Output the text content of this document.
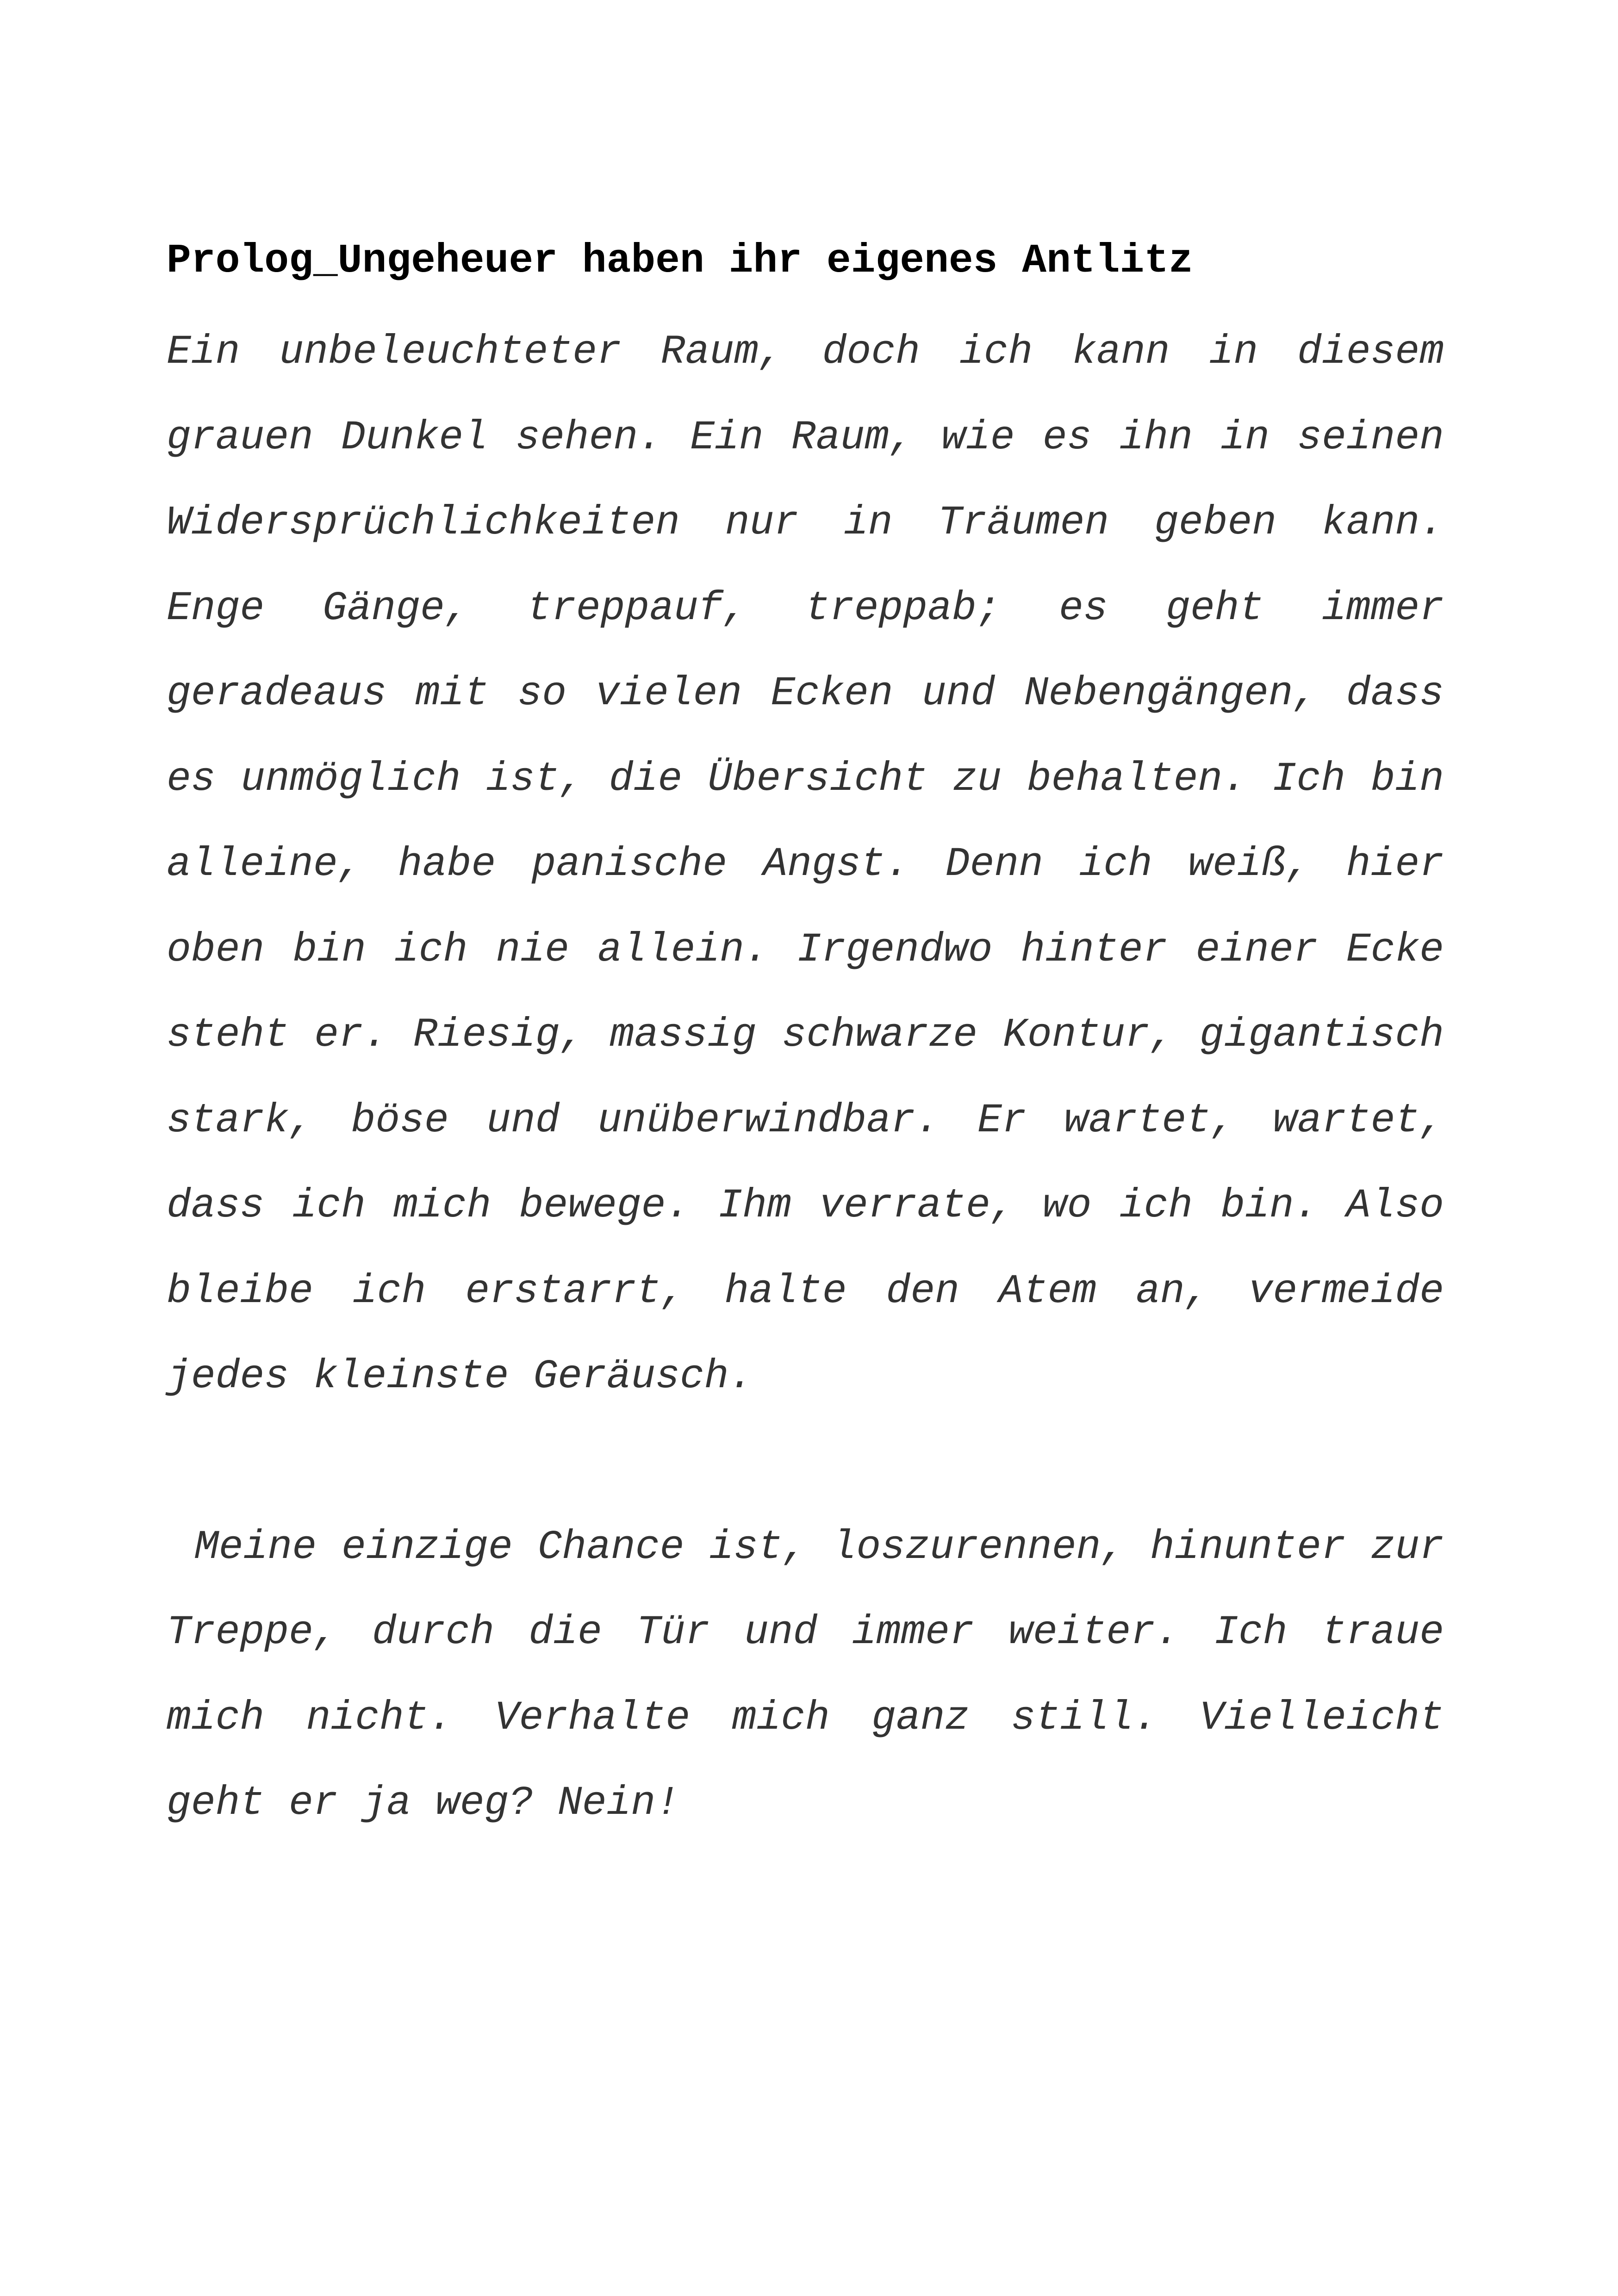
Prolog_Ungeheuer haben ihr eigenes Antlitz

Ein unbeleuchteter Raum, doch ich kann in diesem grauen Dunkel sehen. Ein Raum, wie es ihn in seinen Widersprüchlichkeiten nur in Träumen geben kann. Enge Gänge, treppauf, treppab; es geht immer geradeaus mit so vielen Ecken und Nebengängen, dass es unmöglich ist, die Übersicht zu behalten. Ich bin alleine, habe panische Angst. Denn ich weiß, hier oben bin ich nie allein. Irgendwo hinter einer Ecke steht er. Riesig, massig schwarze Kontur, gigantisch stark, böse und unüberwindbar. Er wartet, wartet, dass ich mich bewege. Ihm verrate, wo ich bin. Also bleibe ich erstarrt, halte den Atem an, vermeide jedes kleinste Geräusch.

Meine einzige Chance ist, loszurennen, hinunter zur Treppe, durch die Tür und immer weiter. Ich traue mich nicht. Verhalte mich ganz still. Vielleicht geht er ja weg? Nein!
